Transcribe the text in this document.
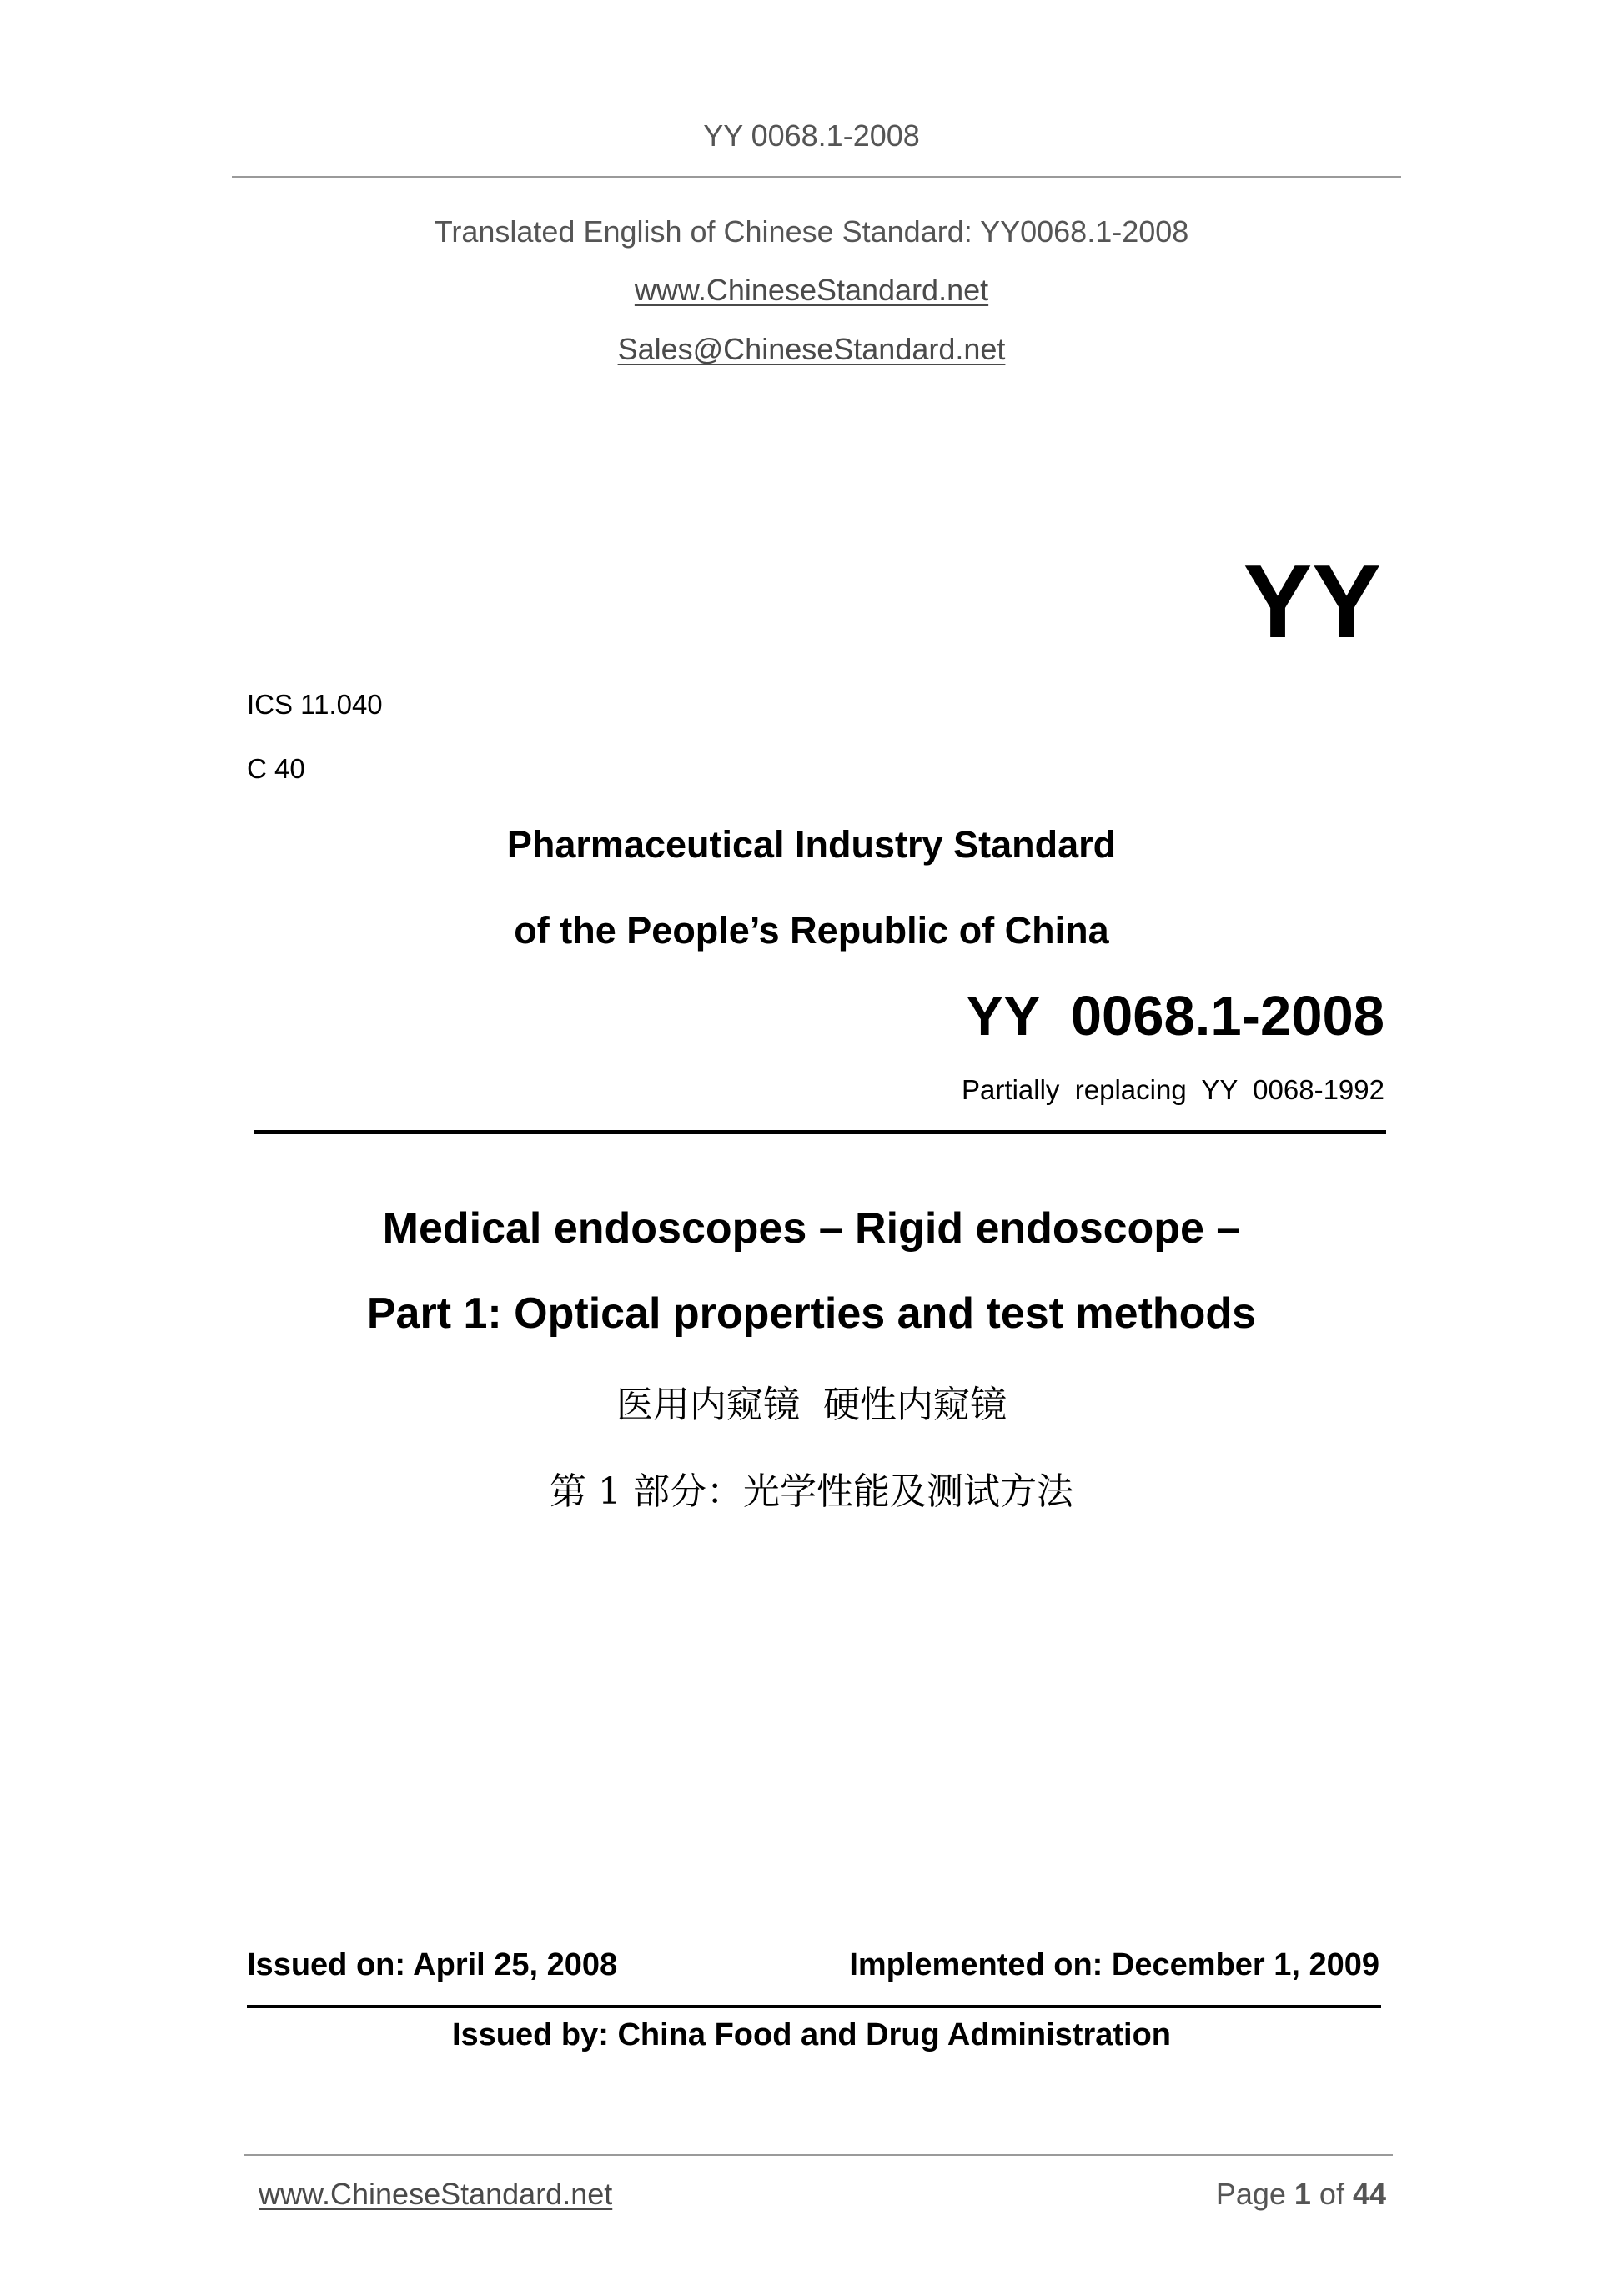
YY 0068.1-2008
Translated English of Chinese Standard: YY0068.1-2008
www.ChineseStandard.net
Sales@ChineseStandard.net
YY
ICS 11.040
C 40
Pharmaceutical Industry Standard
of the People’s Republic of China
YY  0068.1-2008
Partially  replacing  YY  0068-1992
Medical endoscopes – Rigid endoscope –
Part 1: Optical properties and test methods
医用内窥镜  硬性内窥镜
第 1 部分：光学性能及测试方法
Issued on: April 25, 2008	Implemented on: December 1, 2009
Issued by: China Food and Drug Administration
www.ChineseStandard.net	Page 1 of 44
